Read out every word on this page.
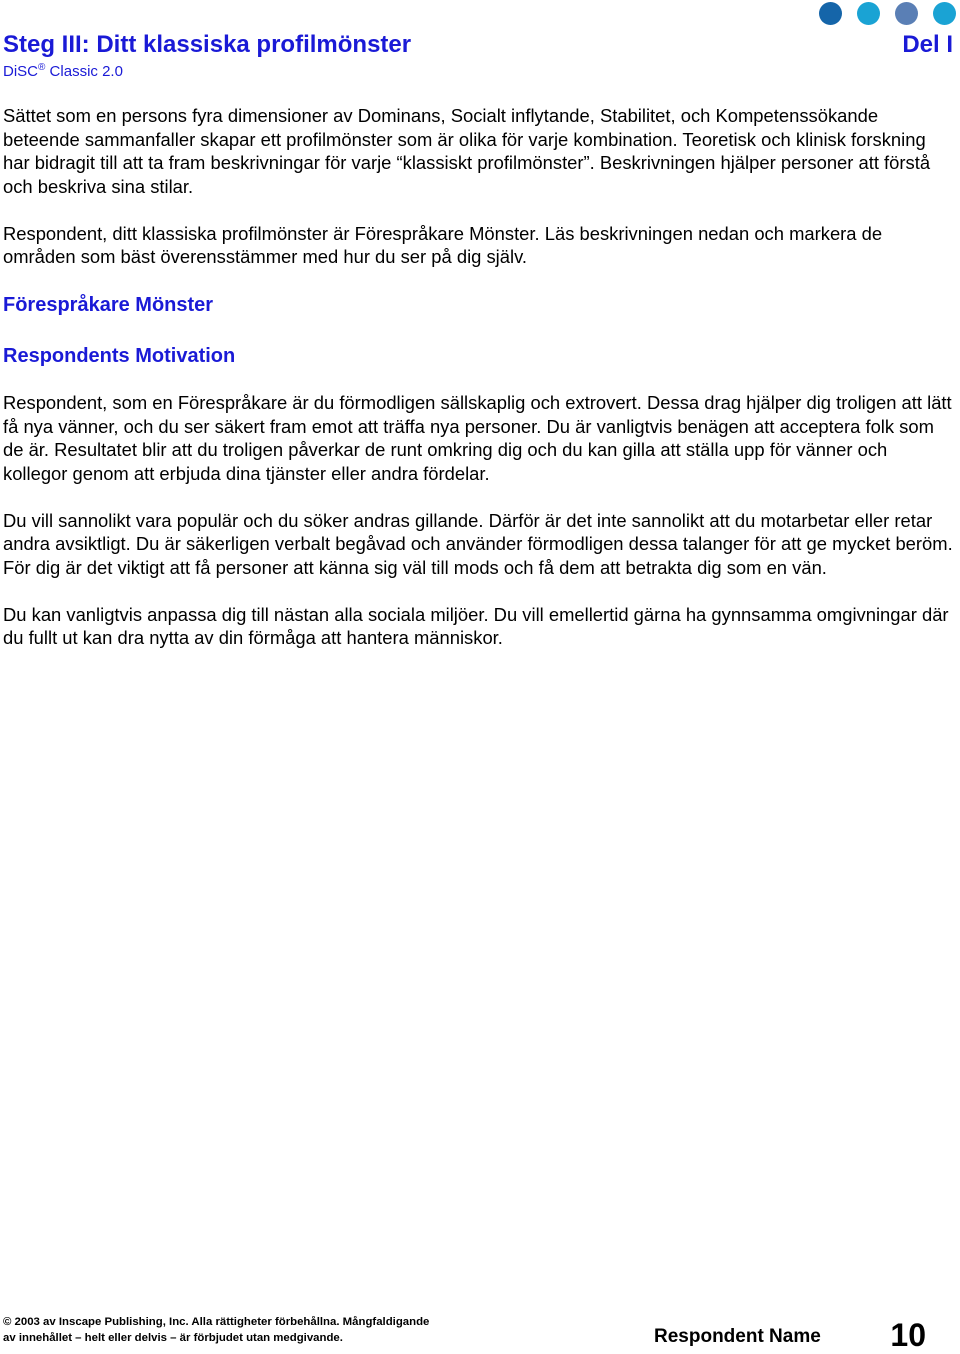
Steg III: Ditt klassiska profilmönster	Del I
DiSC® Classic 2.0

Sättet som en persons fyra dimensioner av Dominans, Socialt inflytande, Stabilitet, och Kompetenssökande beteende sammanfaller skapar ett profilmönster som är olika för varje kombination. Teoretisk och klinisk forskning har bidragit till att ta fram beskrivningar för varje “klassiskt profilmönster”. Beskrivningen hjälper personer att förstå och beskriva sina stilar.

Respondent, ditt klassiska profilmönster är Förespråkare Mönster. Läs beskrivningen nedan och markera de områden som bäst överensstämmer med hur du ser på dig själv.

Förespråkare Mönster
Respondents Motivation

Respondent, som en Förespråkare är du förmodligen sällskaplig och extrovert. Dessa drag hjälper dig troligen att lätt få nya vänner, och du ser säkert fram emot att träffa nya personer. Du är vanligtvis benägen att acceptera folk som de är. Resultatet blir att du troligen påverkar de runt omkring dig och du kan gilla att ställa upp för vänner och kollegor genom att erbjuda dina tjänster eller andra fördelar.

Du vill sannolikt vara populär och du söker andras gillande. Därför är det inte sannolikt att du motarbetar eller retar andra avsiktligt. Du är säkerligen verbalt begåvad och använder förmodligen dessa talanger för att ge mycket beröm. För dig är det viktigt att få personer att känna sig väl till mods och få dem att betrakta dig som en vän.

Du kan vanligtvis anpassa dig till nästan alla sociala miljöer. Du vill emellertid gärna ha gynnsamma omgivningar där du fullt ut kan dra nytta av din förmåga att hantera människor.

© 2003 av Inscape Publishing, Inc. Alla rättigheter förbehållna. Mångfaldigande
av innehållet – helt eller delvis – är förbjudet utan medgivande.	Respondent Name 10
